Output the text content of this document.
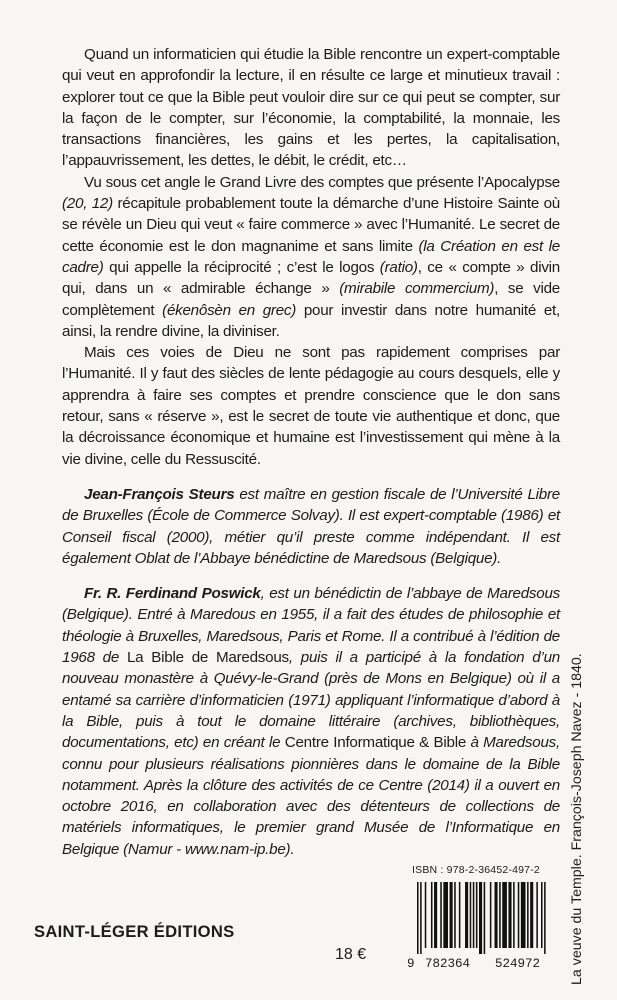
Quand un informaticien qui étudie la Bible rencontre un expert-comptable qui veut en approfondir la lecture, il en résulte ce large et minutieux travail : explorer tout ce que la Bible peut vouloir dire sur ce qui peut se compter, sur la façon de le compter, sur l’économie, la comptabilité, la monnaie, les transactions financières, les gains et les pertes, la capitalisation, l’appauvrissement, les dettes, le débit, le crédit, etc…

Vu sous cet angle le Grand Livre des comptes que présente l’Apocalypse (20, 12) récapitule probablement toute la démarche d’une Histoire Sainte où se révèle un Dieu qui veut « faire commerce » avec l’Humanité. Le secret de cette économie est le don magnanime et sans limite (la Création en est le cadre) qui appelle la réciprocité ; c’est le logos (ratio), ce « compte » divin qui, dans un « admirable échange » (mirabile commercium), se vide complètement (ékenôsèn en grec) pour investir dans notre humanité et, ainsi, la rendre divine, la diviniser.

Mais ces voies de Dieu ne sont pas rapidement comprises par l’Humanité. Il y faut des siècles de lente pédagogie au cours desquels, elle y apprendra à faire ses comptes et prendre conscience que le don sans retour, sans « réserve », est le secret de toute vie authentique et donc, que la décroissance économique et humaine est l’investissement qui mène à la vie divine, celle du Ressuscité.

Jean-François Steurs est maître en gestion fiscale de l’Université Libre de Bruxelles (École de Commerce Solvay). Il est expert-comptable (1986) et Conseil fiscal (2000), métier qu’il preste comme indépendant. Il est également Oblat de l’Abbaye bénédictine de Maredsous (Belgique).

Fr. R. Ferdinand Poswick, est un bénédictin de l’abbaye de Maredsous (Belgique). Entré à Maredous en 1955, il a fait des études de philosophie et théologie à Bruxelles, Maredsous, Paris et Rome. Il a contribué à l’édition de 1968 de La Bible de Maredsous, puis il a participé à la fondation d’un nouveau monastère à Quévy-le-Grand (près de Mons en Belgique) où il a entamé sa carrière d’informaticien (1971) appliquant l’informatique d’abord à la Bible, puis à tout le domaine littéraire (archives, bibliothèques, documentations, etc) en créant le Centre Informatique & Bible à Maredsous, connu pour plusieurs réalisations pionnières dans le domaine de la Bible notamment. Après la clôture des activités de ce Centre (2014) il a ouvert en octobre 2016, en collaboration avec des détenteurs de collections de matériels informatiques, le premier grand Musée de l’Informatique en Belgique (Namur - www.nam-ip.be).	La veuve du Temple. François-Joseph Navez - 1840.
ISBN : 978-2-36452-497-2
9 782364 524972
SAINT-LÉGER ÉDITIONS
18 €
